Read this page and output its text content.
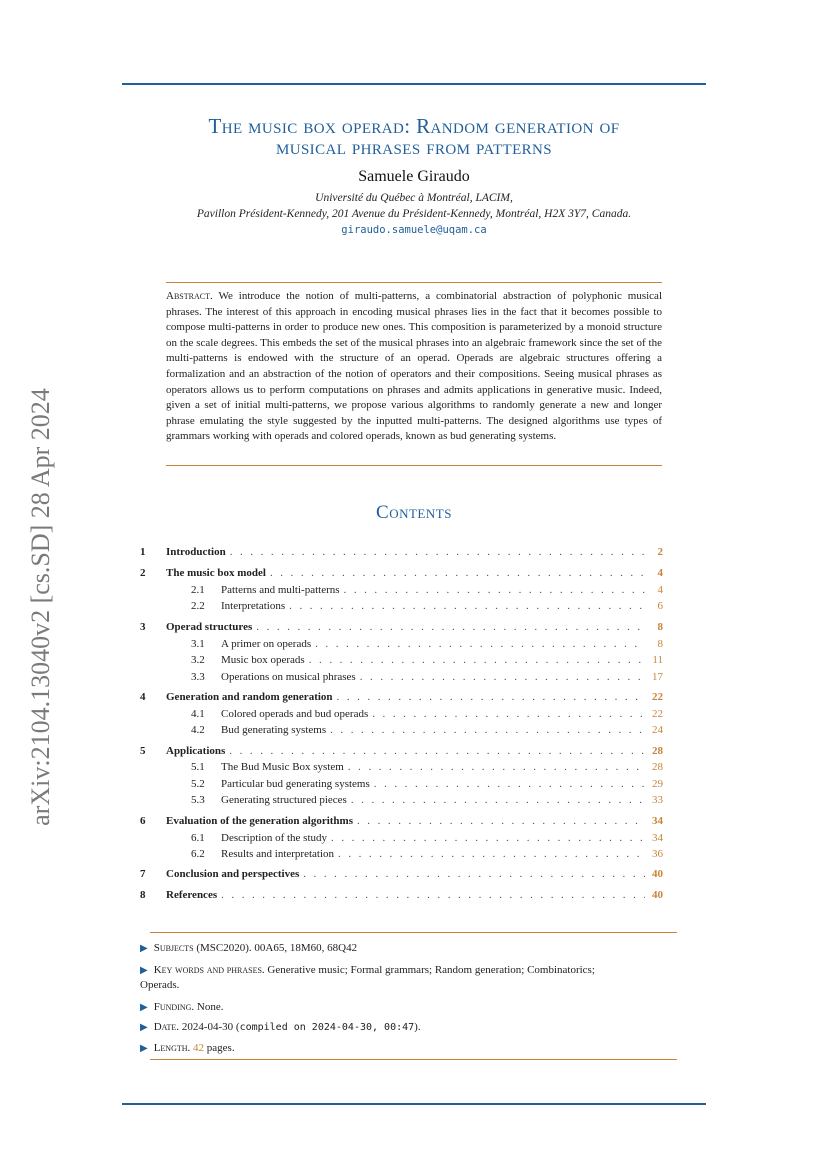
The music box operad: Random generation of
musical phrases from patterns
Samuele Giraudo
Université du Québec à Montréal, LACIM,
Pavillon Président-Kennedy, 201 Avenue du Président-Kennedy, Montréal, H2X 3Y7, Canada.
giraudo.samuele@uqam.ca
Abstract. We introduce the notion of multi-patterns, a combinatorial abstraction of polyphonic musical phrases. The interest of this approach in encoding musical phrases lies in the fact that it becomes possible to compose multi-patterns in order to produce new ones. This composition is parameterized by a monoid structure on the scale degrees. This embeds the set of the musical phrases into an algebraic framework since the set of the multi-patterns is endowed with the structure of an operad. Operads are algebraic structures offering a formalization and an abstraction of the notion of operators and their compositions. Seeing musical phrases as operators allows us to perform computations on phrases and admits applications in generative music. Indeed, given a set of initial multi-patterns, we propose various algorithms to randomly generate a new and longer phrase emulating the style suggested by the inputted multi-patterns. The designed algorithms use types of grammars working with operads and colored operads, known as bud generating systems.
arXiv:2104.13040v2 [cs.SD] 28 Apr 2024	Contents
1	Introduction . . .	2
2	The music box model . . .	4
2.1	Patterns and multi-patterns . . .	4
2.2	Interpretations . . .	6
3	Operad structures . . .	8
3.1	A primer on operads . . .	8
3.2	Music box operads . . .	11
3.3	Operations on musical phrases . . .	17
4	Generation and random generation . . .	22
4.1	Colored operads and bud operads . . .	22
4.2	Bud generating systems . . .	24
5	Applications . . .	28
5.1	The Bud Music Box system . . .	28
5.2	Particular bud generating systems . . .	29
5.3	Generating structured pieces . . .	33
6	Evaluation of the generation algorithms . . .	34
6.1	Description of the study . . .	34
6.2	Results and interpretation . . .	36
7	Conclusion and perspectives . . .	40
8	References . . .	40
▶ Subjects (MSC2020). 00A65, 18M60, 68Q42
▶ Key words and phrases. Generative music; Formal grammars; Random generation; Combinatorics;
Operads.
▶ Funding. None.
▶ Date. 2024-04-30 (compiled on 2024-04-30, 00:47).
▶ Length. 42 pages.
